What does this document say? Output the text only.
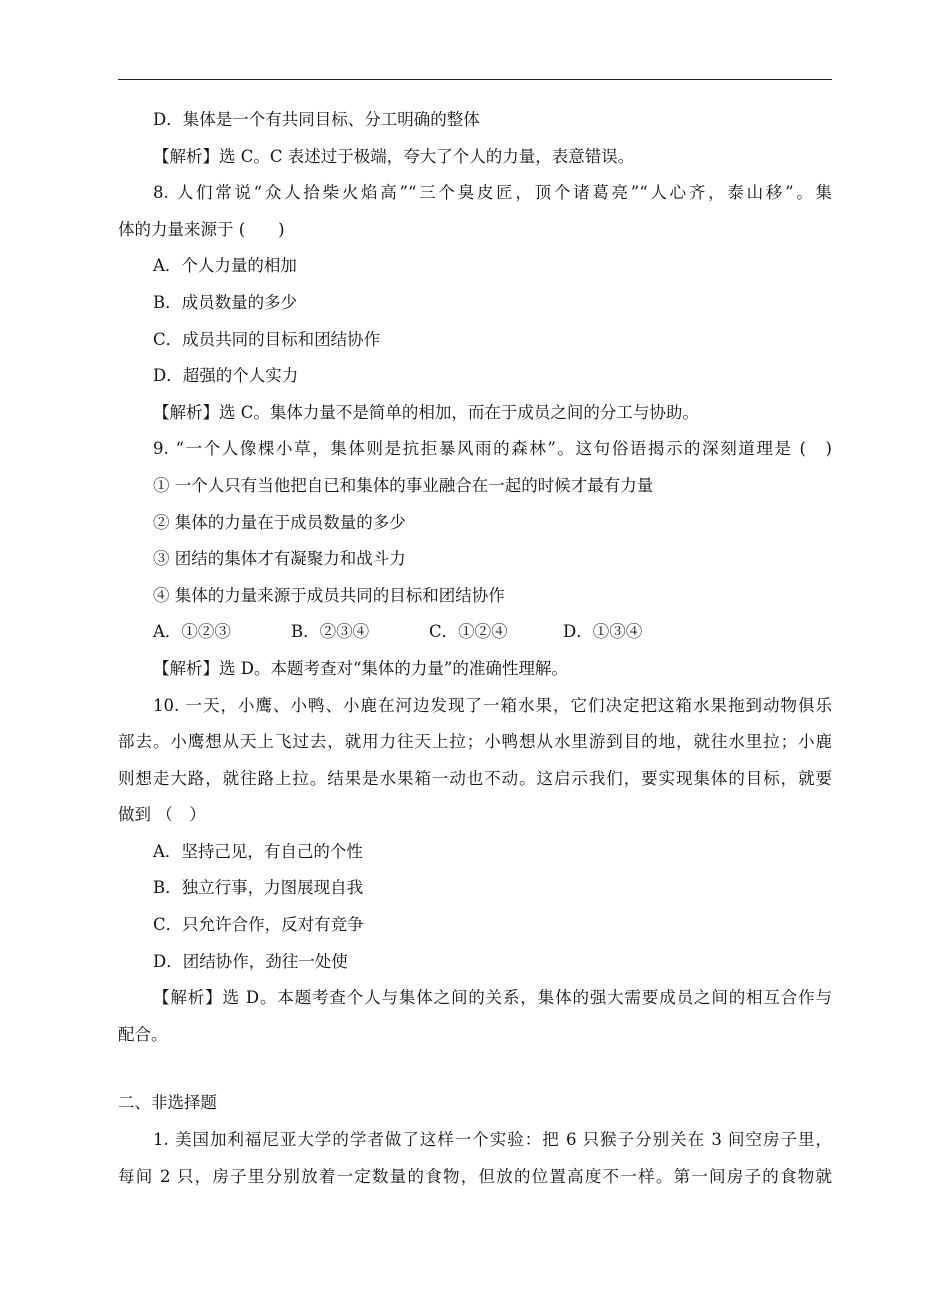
D．集体是一个有共同目标、分工明确的整体
【解析】选 C。C 表述过于极端，夸大了个人的力量，表意错误。
8. 人们常说“众人拾柴火焰高”“三个臭皮匠，顶个诸葛亮”“人心齐，泰山移”。集
体的力量来源于 (　　)
A．个人力量的相加
B．成员数量的多少
C．成员共同的目标和团结协作
D．超强的个人实力
【解析】选 C。集体力量不是简单的相加，而在于成员之间的分工与协助。
9. “一个人像棵小草，集体则是抗拒暴风雨的森林”。这句俗语揭示的深刻道理是 (　)
① 一个人只有当他把自已和集体的事业融合在一起的时候才最有力量
② 集体的力量在于成员数量的多少
③ 团结的集体才有凝聚力和战斗力
④ 集体的力量来源于成员共同的目标和团结协作
A．①②③	B．②③④	C．①②④	D．①③④
【解析】选 D。本题考查对“集体的力量”的准确性理解。
10. 一天，小鹰、小鸭、小鹿在河边发现了一箱水果，它们决定把这箱水果拖到动物俱乐
部去。小鹰想从天上飞过去，就用力往天上拉；小鸭想从水里游到目的地，就往水里拉；小鹿
则想走大路，就往路上拉。结果是水果箱一动也不动。这启示我们，要实现集体的目标，就要
做到 （　）
A．坚持己见，有自己的个性
B．独立行事，力图展现自我
C．只允许合作，反对有竞争
D．团结协作，劲往一处使
【解析】选 D。本题考查个人与集体之间的关系，集体的强大需要成员之间的相互合作与
配合。
二、非选择题
1. 美国加利福尼亚大学的学者做了这样一个实验：把 6 只猴子分别关在 3 间空房子里，
每间 2 只，房子里分别放着一定数量的食物，但放的位置高度不一样。第一间房子的食物就
